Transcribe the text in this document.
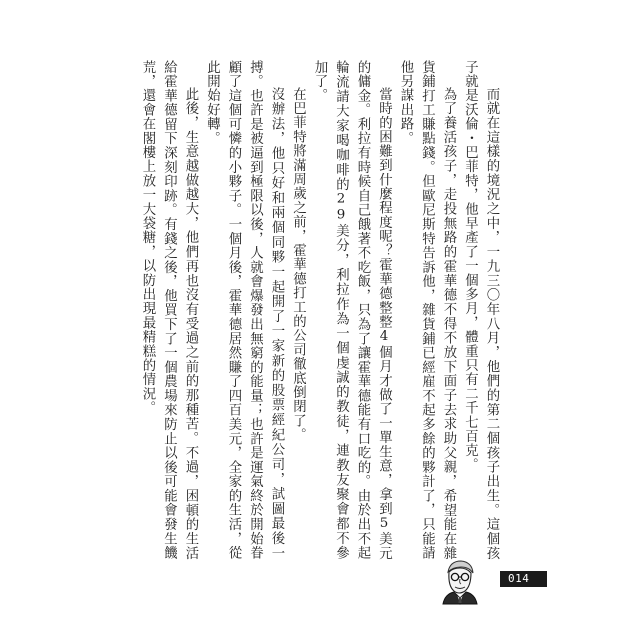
而就在這樣的境況之中，一九三〇年八月，他們的第二個孩子出生。這個孩子就是沃倫・巴菲特，他早產了一個多月，體重只有二千七百克。

為了養活孩子，走投無路的霍華德不得不放下面子去求助父親，希望能在雜貨鋪打工賺點錢。但歐尼斯特告訴他，雜貨鋪已經雇不起多餘的夥計了，只能請他另謀出路。

當時的困難到什麼程度呢？霍華德整整4個月才做了一單生意，拿到5美元的傭金。利拉有時候自己餓著不吃飯，只為了讓霍華德能有口吃的。由於出不起輪流請大家喝咖啡的29美分，利拉作為一個虔誠的教徒，連教友聚會都不參加了。

在巴菲特將滿周歲之前，霍華德打工的公司徹底倒閉了。

沒辦法，他只好和兩個同夥一起開了一家新的股票經紀公司，試圖最後一搏。也許是被逼到極限以後，人就會爆發出無窮的能量；也許是運氣終於開始眷顧了這個可憐的小夥子。一個月後，霍華德居然賺了四百美元，全家的生活，從此開始好轉。

此後，生意越做越大，他們再也沒有受過之前的那種苦。不過，困頓的生活給霍華德留下深刻印跡。有錢之後，他買下了一個農場來防止以後可能會發生饑荒，還會在閣樓上放一大袋糖，以防出現最精糕的情況。

014
